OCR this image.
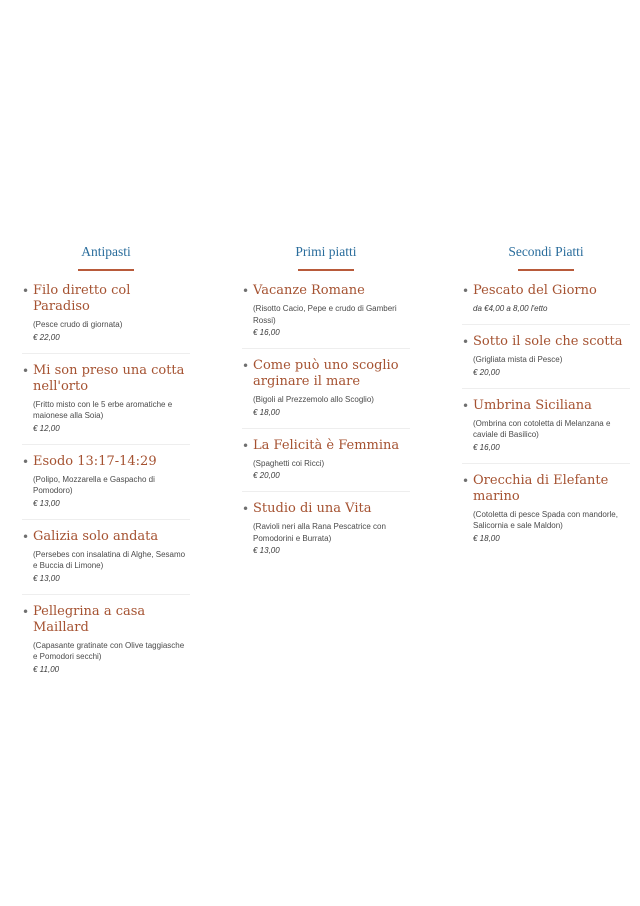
Antipasti
• Filo diretto col Paradiso
(Pesce crudo di giornata)
€ 22,00
• Mi son preso una cotta nell'orto
(Fritto misto con le 5 erbe aromatiche e maionese alla Soia)
€ 12,00
• Esodo 13:17-14:29
(Polipo, Mozzarella e Gaspacho di Pomodoro)
€ 13,00
• Galizia solo andata
(Persebes con insalatina di Alghe, Sesamo e Buccia di Limone)
€ 13,00
• Pellegrina a casa Maillard
(Capasante gratinate con Olive taggiasche e Pomodori secchi)
€ 11,00
Primi piatti
• Vacanze Romane
(Risotto Cacio, Pepe e crudo di Gamberi Rossi)
€ 16,00
• Come può uno scoglio arginare il mare
(Bigoli al Prezzemolo allo Scoglio)
€ 18,00
• La Felicità è Femmina
(Spaghetti coi Ricci)
€ 20,00
• Studio di una Vita
(Ravioli neri alla Rana Pescatrice con Pomodorini e Burrata)
€ 13,00
Secondi Piatti
• Pescato del Giorno
da €4,00 a 8,00 l'etto
• Sotto il sole che scotta
(Grigliata mista di Pesce)
€ 20,00
• Umbrina Siciliana
(Ombrina con cotoletta di Melanzana e caviale di Basilico)
€ 16,00
• Orecchia di Elefante marino
(Cotoletta di pesce Spada con mandorle, Salicornia e sale Maldon)
€ 18,00
